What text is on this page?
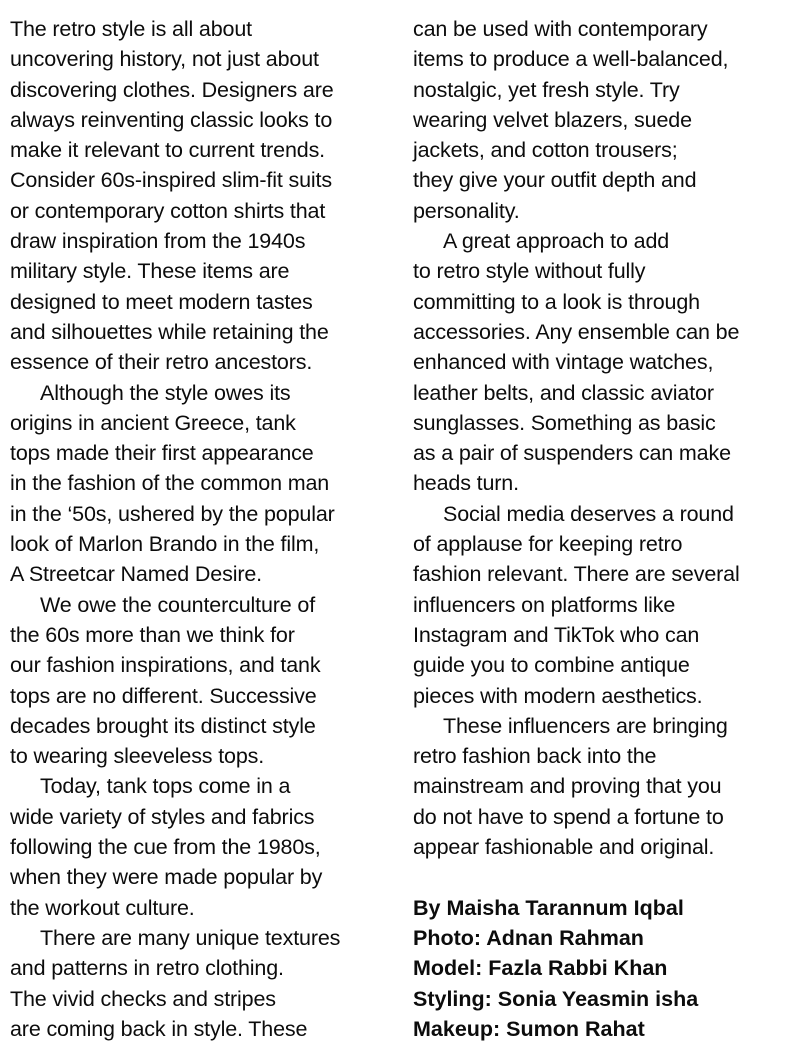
The retro style is all about
uncovering history, not just about
discovering clothes. Designers are
always reinventing classic looks to
make it relevant to current trends.
Consider 60s-inspired slim-fit suits
or contemporary cotton shirts that
draw inspiration from the 1940s
military style. These items are
designed to meet modern tastes
and silhouettes while retaining the
essence of their retro ancestors.
Although the style owes its
origins in ancient Greece, tank
tops made their first appearance
in the fashion of the common man
in the ‘50s, ushered by the popular
look of Marlon Brando in the film,
A Streetcar Named Desire.
We owe the counterculture of
the 60s more than we think for
our fashion inspirations, and tank
tops are no different. Successive
decades brought its distinct style
to wearing sleeveless tops.
Today, tank tops come in a
wide variety of styles and fabrics
following the cue from the 1980s,
when they were made popular by
the workout culture.
There are many unique textures
and patterns in retro clothing.
The vivid checks and stripes
are coming back in style. These
can be used with contemporary
items to produce a well-balanced,
nostalgic, yet fresh style. Try
wearing velvet blazers, suede
jackets, and cotton trousers;
they give your outfit depth and
personality.
A great approach to add
to retro style without fully
committing to a look is through
accessories. Any ensemble can be
enhanced with vintage watches,
leather belts, and classic aviator
sunglasses. Something as basic
as a pair of suspenders can make
heads turn.
Social media deserves a round
of applause for keeping retro
fashion relevant. There are several
influencers on platforms like
Instagram and TikTok who can
guide you to combine antique
pieces with modern aesthetics.
These influencers are bringing
retro fashion back into the
mainstream and proving that you
do not have to spend a fortune to
appear fashionable and original.
By Maisha Tarannum Iqbal
Photo: Adnan Rahman
Model: Fazla Rabbi Khan
Styling: Sonia Yeasmin isha
Makeup: Sumon Rahat
